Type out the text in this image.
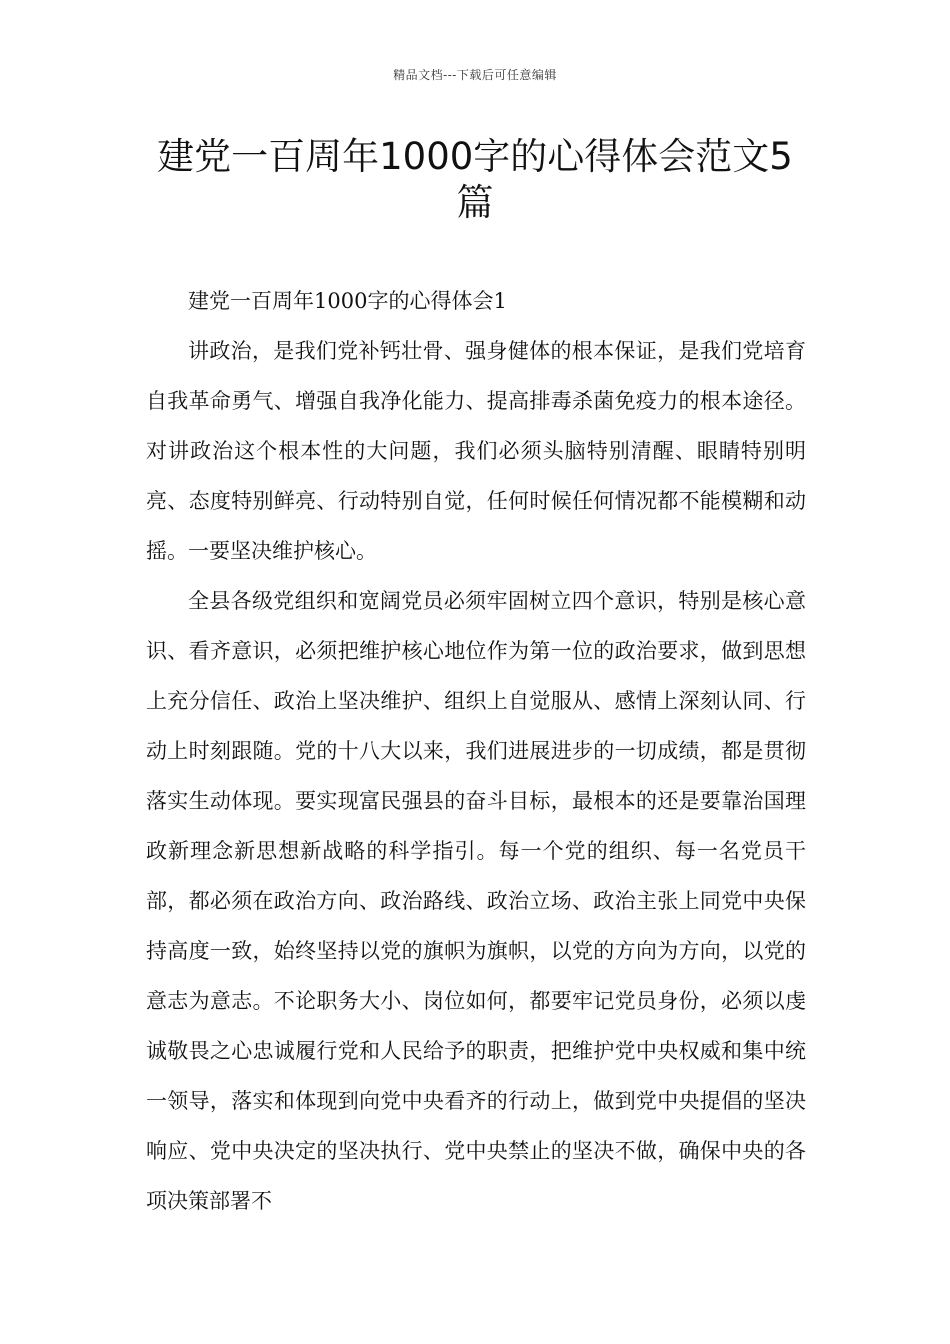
精品文档---下载后可任意编辑
建党一百周年1000字的心得体会范文5篇

建党一百周年1000字的心得体会1

讲政治，是我们党补钙壮骨、强身健体的根本保证，是我们党培育自我革命勇气、增强自我净化能力、提高排毒杀菌免疫力的根本途径。对讲政治这个根本性的大问题，我们必须头脑特别清醒、眼睛特别明亮、态度特别鲜亮、行动特别自觉，任何时候任何情况都不能模糊和动摇。一要坚决维护核心。

全县各级党组织和宽阔党员必须牢固树立四个意识，特别是核心意识、看齐意识，必须把维护核心地位作为第一位的政治要求，做到思想上充分信任、政治上坚决维护、组织上自觉服从、感情上深刻认同、行动上时刻跟随。党的十八大以来，我们进展进步的一切成绩，都是贯彻落实生动体现。要实现富民强县的奋斗目标，最根本的还是要靠治国理政新理念新思想新战略的科学指引。每一个党的组织、每一名党员干部，都必须在政治方向、政治路线、政治立场、政治主张上同党中央保持高度一致，始终坚持以党的旗帜为旗帜，以党的方向为方向，以党的意志为意志。不论职务大小、岗位如何，都要牢记党员身份，必须以虔诚敬畏之心忠诚履行党和人民给予的职责，把维护党中央权威和集中统一领导，落实和体现到向党中央看齐的行动上，做到党中央提倡的坚决响应、党中央决定的坚决执行、党中央禁止的坚决不做，确保中央的各项决策部署不
